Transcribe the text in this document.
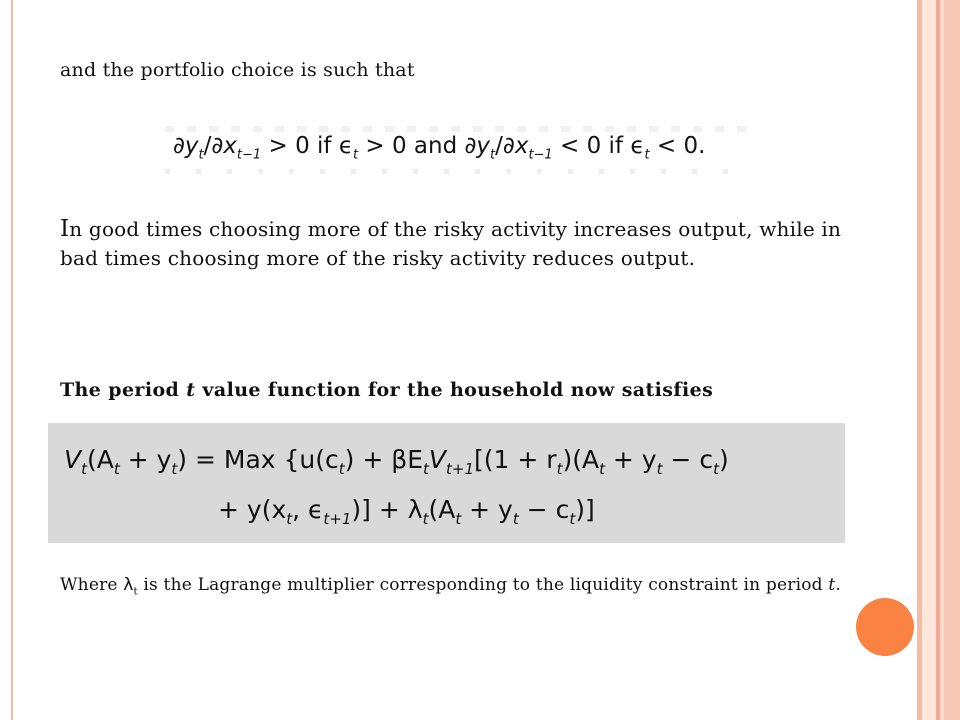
and the portfolio choice is such that
$\partial y_t/\partial x_{t-1} > 0$ if $\epsilon_t > 0$ and $\partial y_t/\partial x_{t-1} < 0$ if $\epsilon_t < 0$.
In good times choosing more of the risky activity increases output, while in bad times choosing more of the risky activity reduces output.
The period t value function for the household now satisfies
$V_t(A_t + y_t)$ = Max {$u(c_t) + \beta E_tV_{t+1}[(1 + r_t)(A_t + y_t - c_t)$
+ $y(x_t$, $\epsilon_{t+1})] + \lambda_t(A_t + y_t - c_t)$]
Where $\lambda_t$ is the Lagrange multiplier corresponding to the liquidity constraint in period t.
